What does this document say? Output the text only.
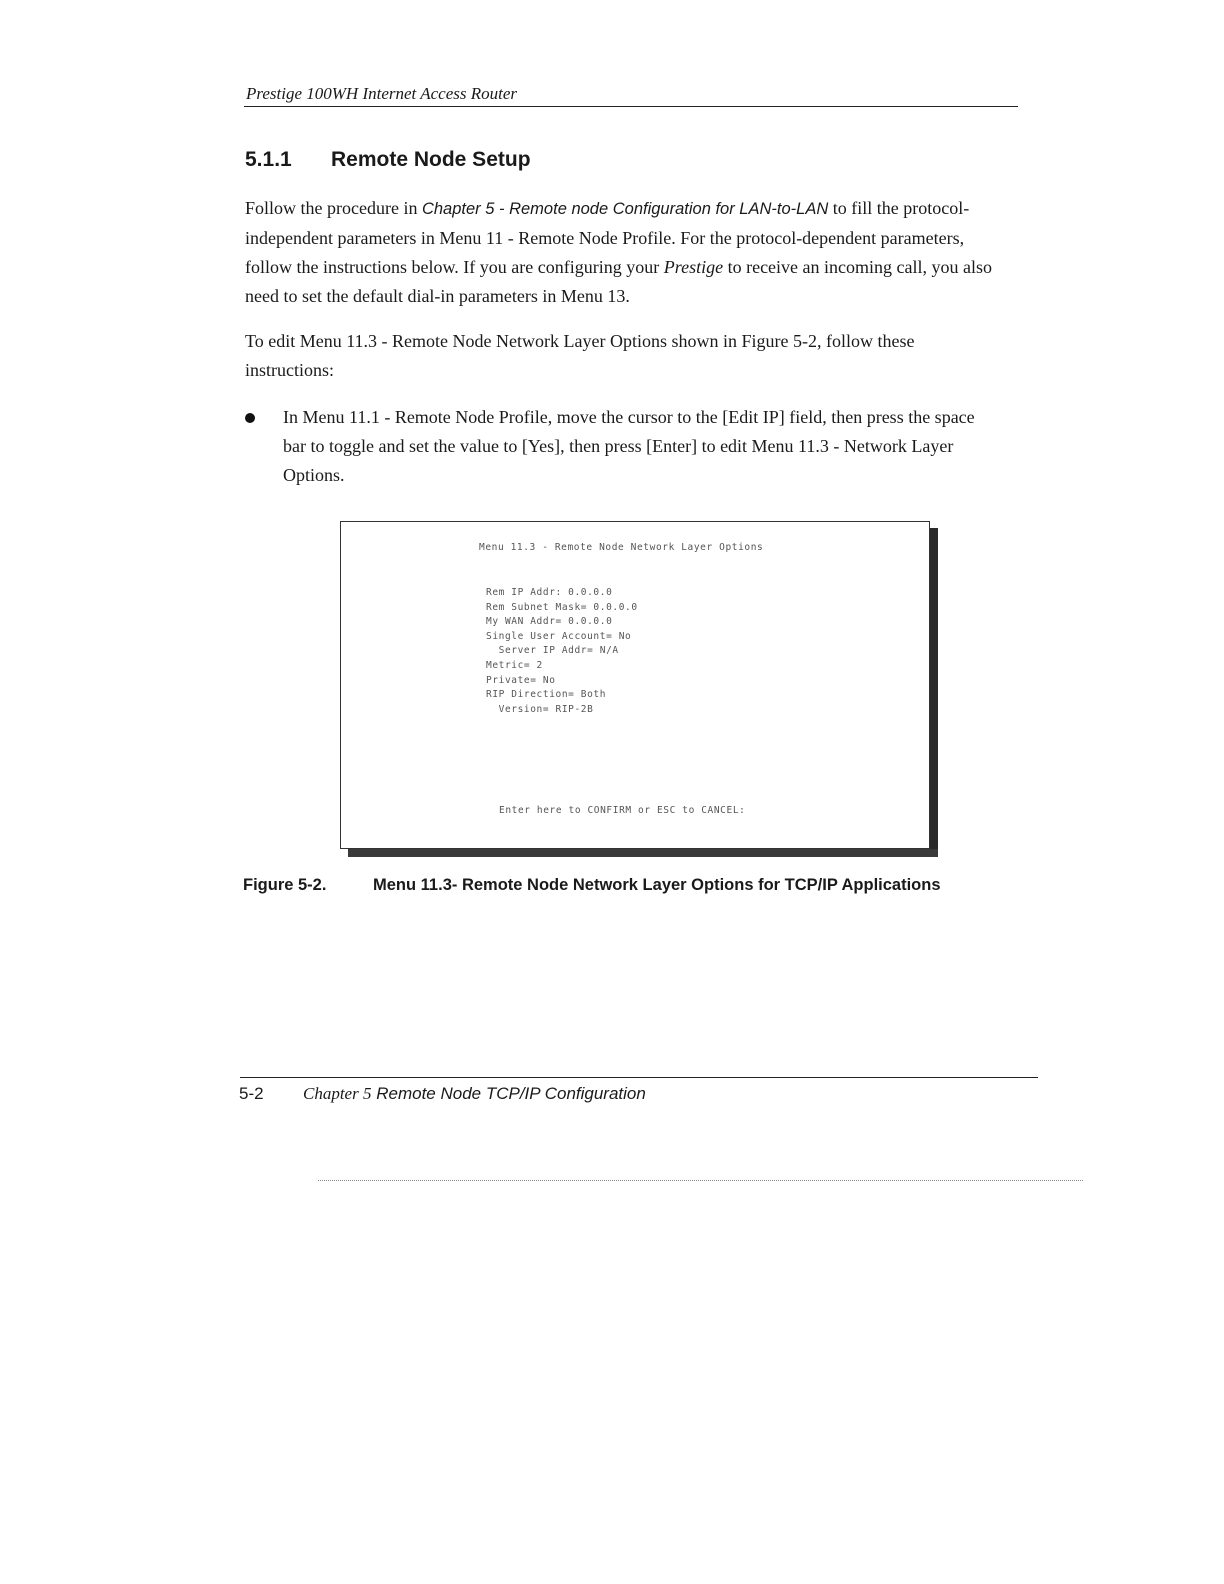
Prestige 100WH Internet Access Router
5.1.1 Remote Node Setup
Follow the procedure in Chapter 5 - Remote node Configuration for LAN-to-LAN to fill the protocol-independent parameters in Menu 11 - Remote Node Profile. For the protocol-dependent parameters, follow the instructions below. If you are configuring your Prestige to receive an incoming call, you also need to set the default dial-in parameters in Menu 13.
To edit Menu 11.3 - Remote Node Network Layer Options shown in Figure 5-2, follow these instructions:
In Menu 11.1 - Remote Node Profile, move the cursor to the [Edit IP] field, then press the space bar to toggle and set the value to [Yes], then press [Enter] to edit Menu 11.3 - Network Layer Options.
Menu 11.3 - Remote Node Network Layer Options
Rem IP Addr: 0.0.0.0
Rem Subnet Mask= 0.0.0.0
My WAN Addr= 0.0.0.0
Single User Account= No
Server IP Addr= N/A
Metric= 2
Private= No
RIP Direction= Both
Version= RIP-2B
Enter here to CONFIRM or ESC to CANCEL:
Figure 5-2.	Menu 11.3- Remote Node Network Layer Options for TCP/IP Applications
5-2 Chapter 5 Remote Node TCP/IP Configuration
